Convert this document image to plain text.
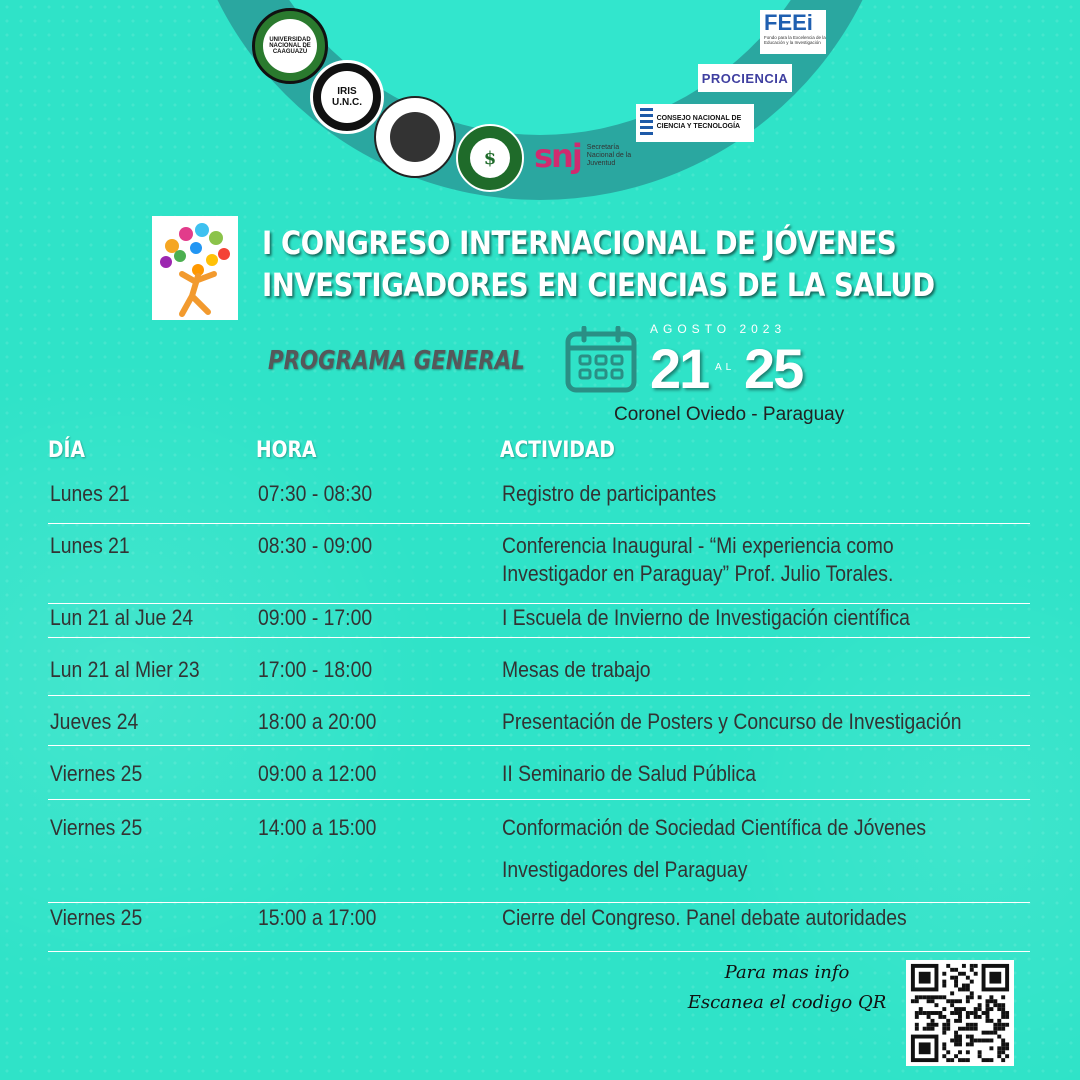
UNIVERSIDAD NACIONAL DE CAAGUAZÚ
IRIS U.N.C.
$	snj Secretaría Nacional de la Juventud
FEEi
Fondo para la Excelencia de la Educación y la Investigación
PROCIENCIA
CONSEJO NACIONAL DE CIENCIA Y TECNOLOGÍA
I CONGRESO INTERNACIONAL DE JÓVENES
INVESTIGADORES EN CIENCIAS DE LA SALUD
PROGRAMA GENERAL
AGOSTO 2023
21 AL 25
Coronel Oviedo - Paraguay
DÍA	HORA	ACTIVIDAD
Lunes 21	07:30 - 08:30	Registro de participantes
Lunes 21	08:30 - 09:00	Conferencia Inaugural - “Mi experiencia como
Investigador en Paraguay” Prof. Julio Torales.
Lun 21 al Jue 24	09:00 - 17:00	I Escuela de Invierno de Investigación científica
Lun 21 al Mier 23	17:00 - 18:00	Mesas de trabajo
Jueves 24	18:00 a 20:00	Presentación de Posters y Concurso de Investigación
Viernes 25	09:00 a 12:00	II Seminario de Salud Pública
Viernes 25	14:00 a 15:00	Conformación de Sociedad Científica de Jóvenes
Investigadores del Paraguay
Viernes 25	15:00 a 17:00	Cierre del Congreso. Panel debate autoridades
Para mas info
Escanea el codigo QR
